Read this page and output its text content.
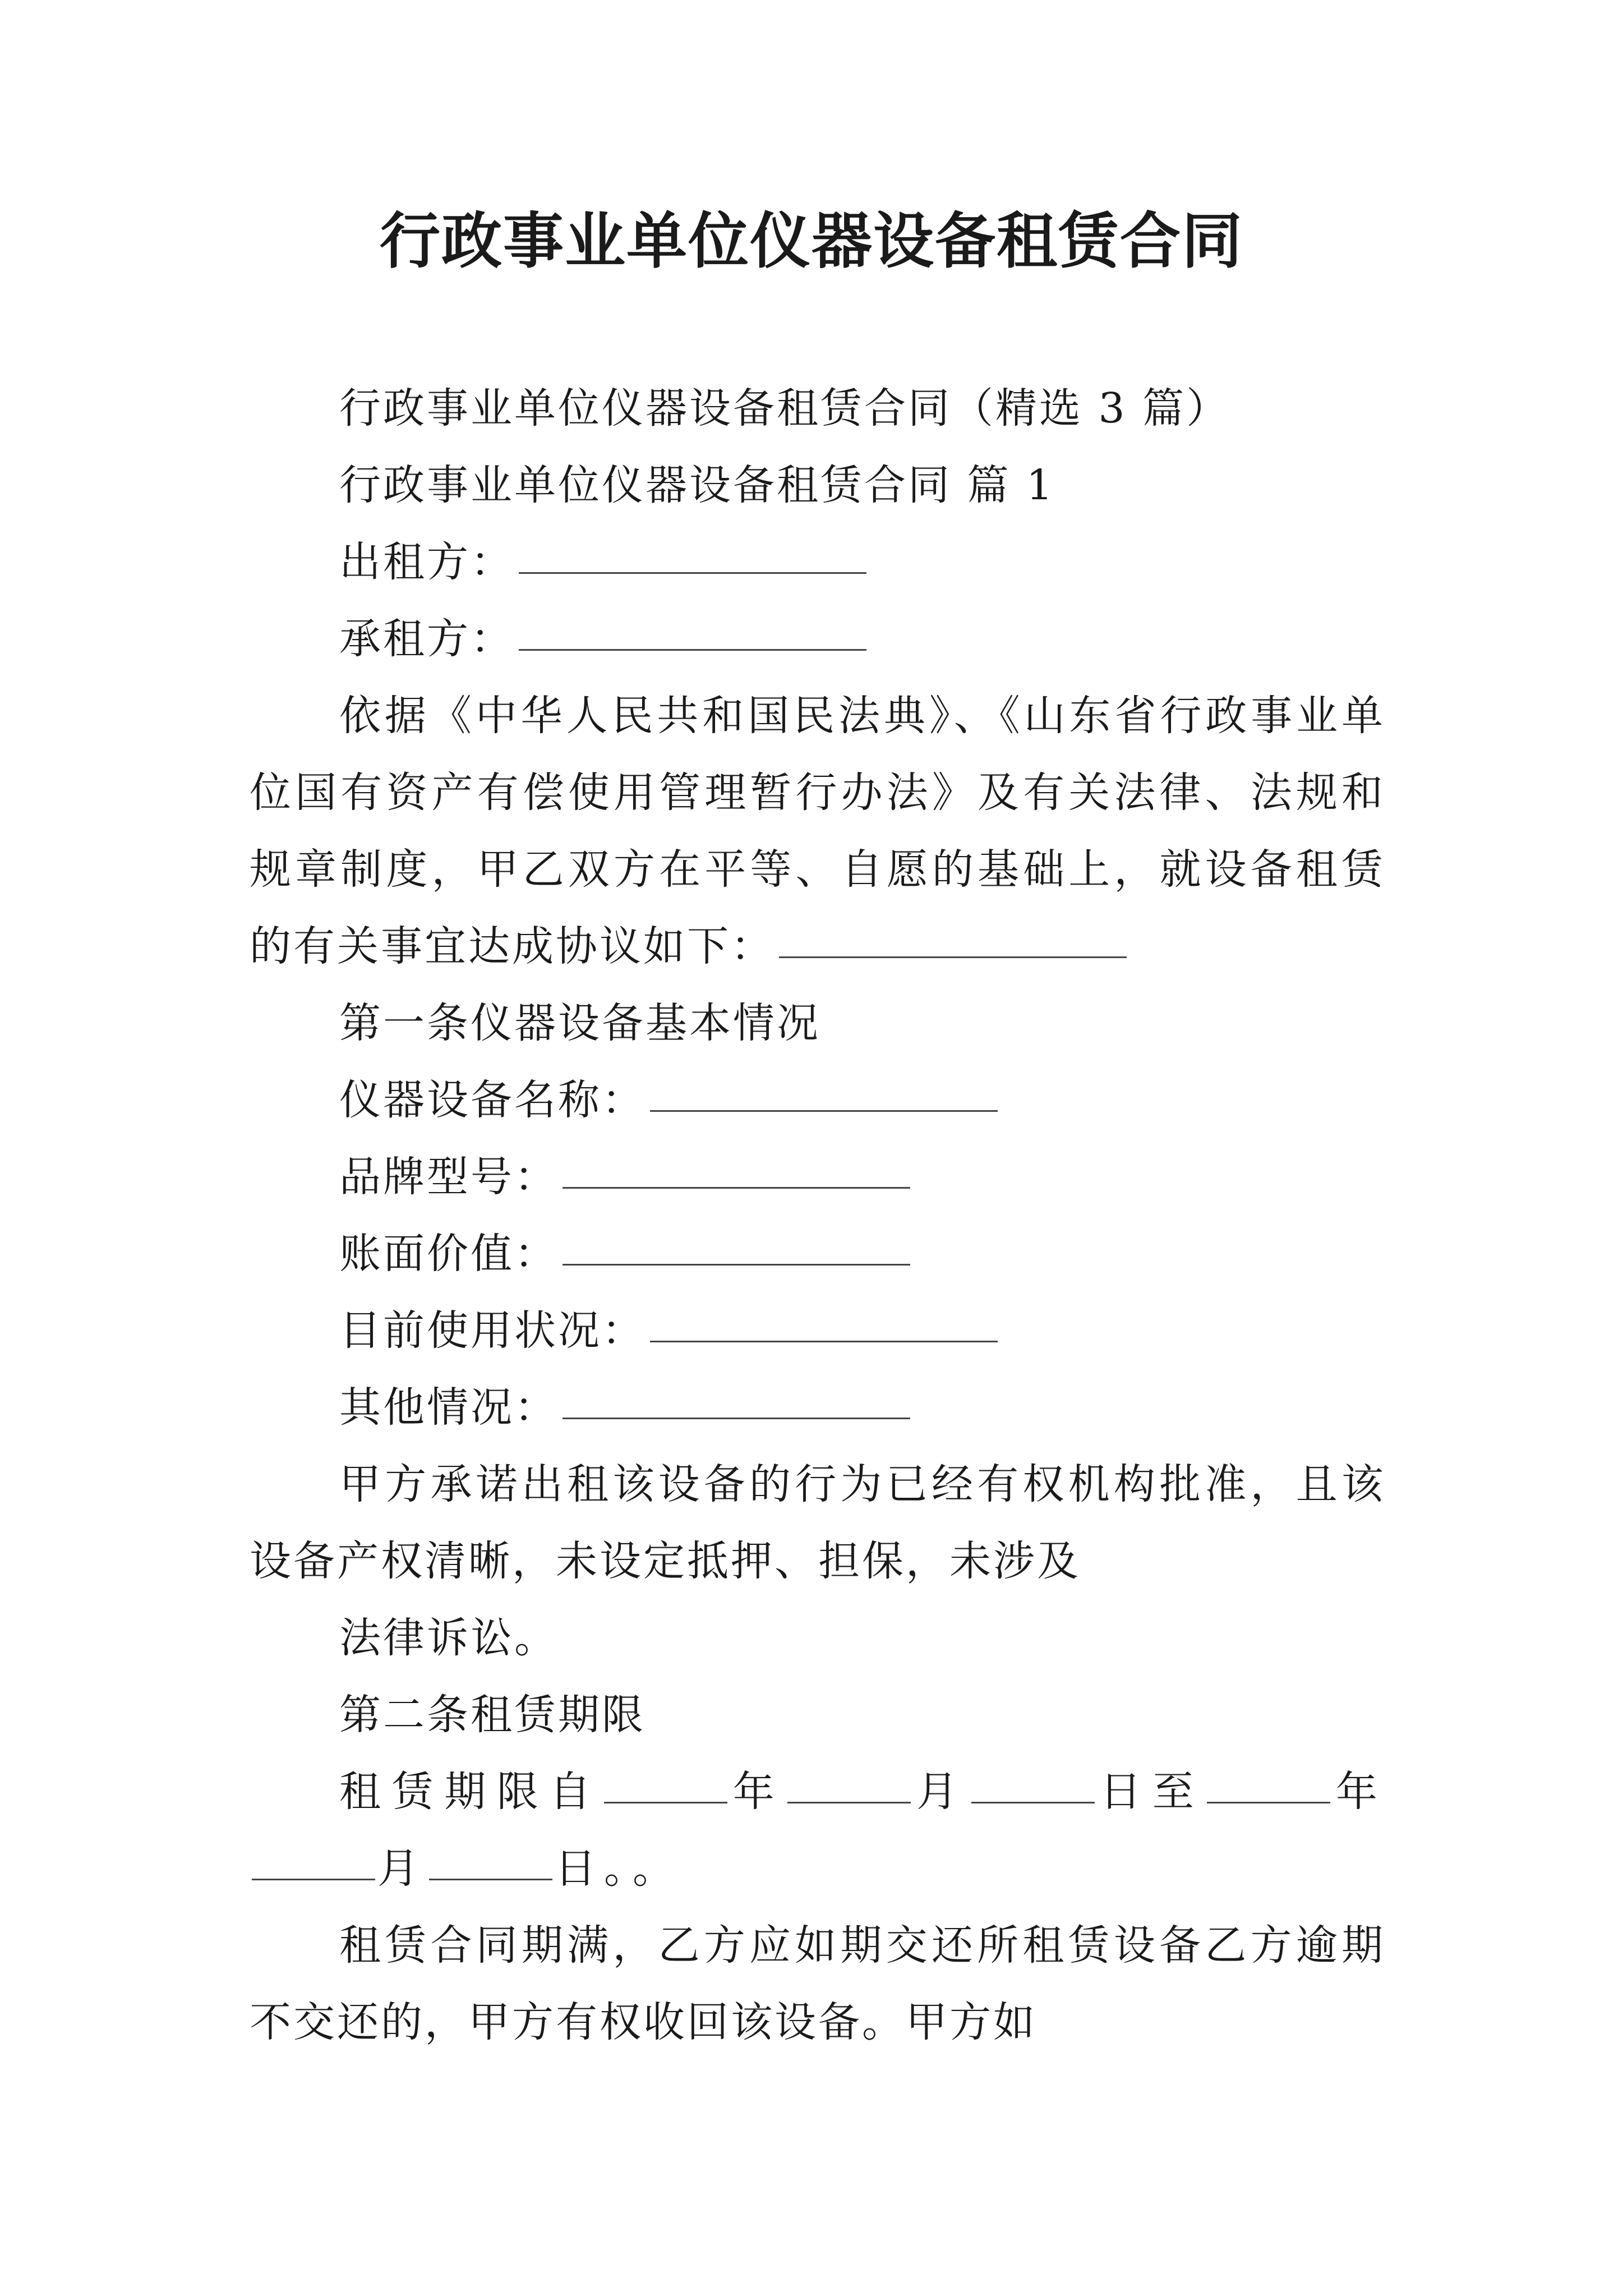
行政事业单位仪器设备租赁合同

行政事业单位仪器设备租赁合同（精选 3 篇）

行政事业单位仪器设备租赁合同 篇 1

出租方：

承租方：

依据《中华人民共和国民法典》、《山东省行政事业单位国有资产有偿使用管理暂行办法》及有关法律、法规和规章制度，甲乙双方在平等、自愿的基础上，就设备租赁的有关事宜达成协议如下：

第一条仪器设备基本情况

仪器设备名称：

品牌型号：

账面价值：

目前使用状况：

其他情况：

甲方承诺出租该设备的行为已经有权机构批准，且该设备产权清晰，未设定抵押、担保，未涉及

法律诉讼。

第二条租赁期限

租赁期限自	年	月	日至	年月	日。。

租赁合同期满，乙方应如期交还所租赁设备乙方逾期不交还的，甲方有权收回该设备。甲方如
